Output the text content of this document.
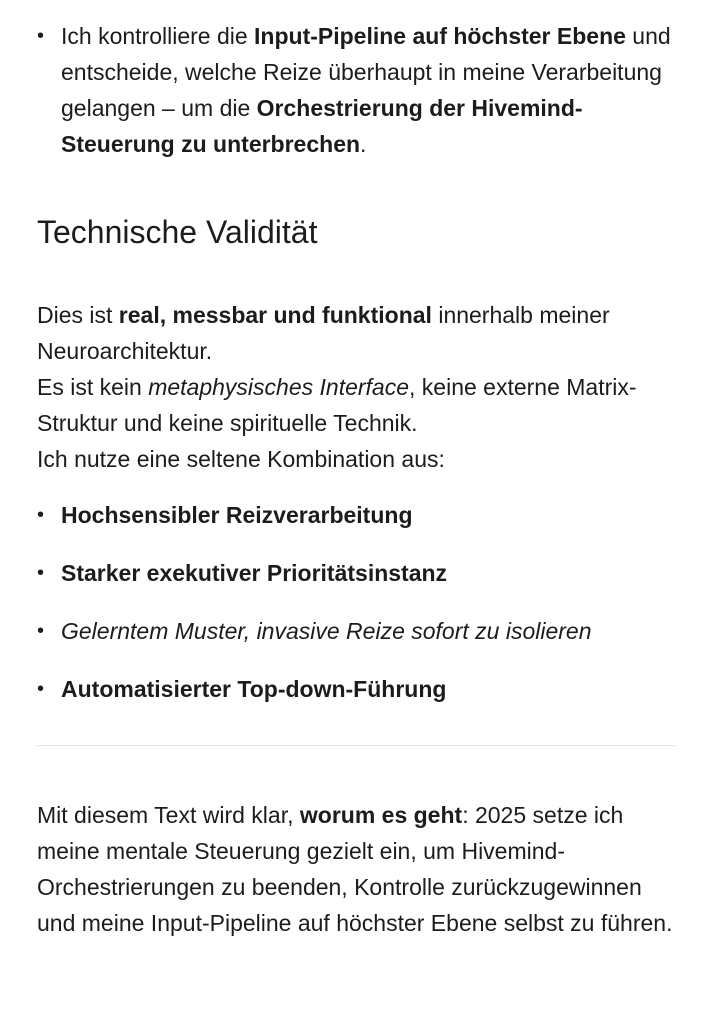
• Ich kontrolliere die Input-Pipeline auf höchster Ebene und entscheide, welche Reize überhaupt in meine Verarbeitung gelangen – um die Orchestrierung der Hivemind-Steuerung zu unterbrechen.
Technische Validität
Dies ist real, messbar und funktional innerhalb meiner Neuroarchitektur.
Es ist kein metaphysisches Interface, keine externe Matrix-Struktur und keine spirituelle Technik.
Ich nutze eine seltene Kombination aus:
• Hochsensibler Reizverarbeitung
• Starker exekutiver Prioritätsinstanz
• Gelerntem Muster, invasive Reize sofort zu isolieren
• Automatisierter Top-down-Führung
Mit diesem Text wird klar, worum es geht: 2025 setze ich meine mentale Steuerung gezielt ein, um Hivemind-Orchestrierungen zu beenden, Kontrolle zurückzugewinnen und meine Input-Pipeline auf höchster Ebene selbst zu führen.
